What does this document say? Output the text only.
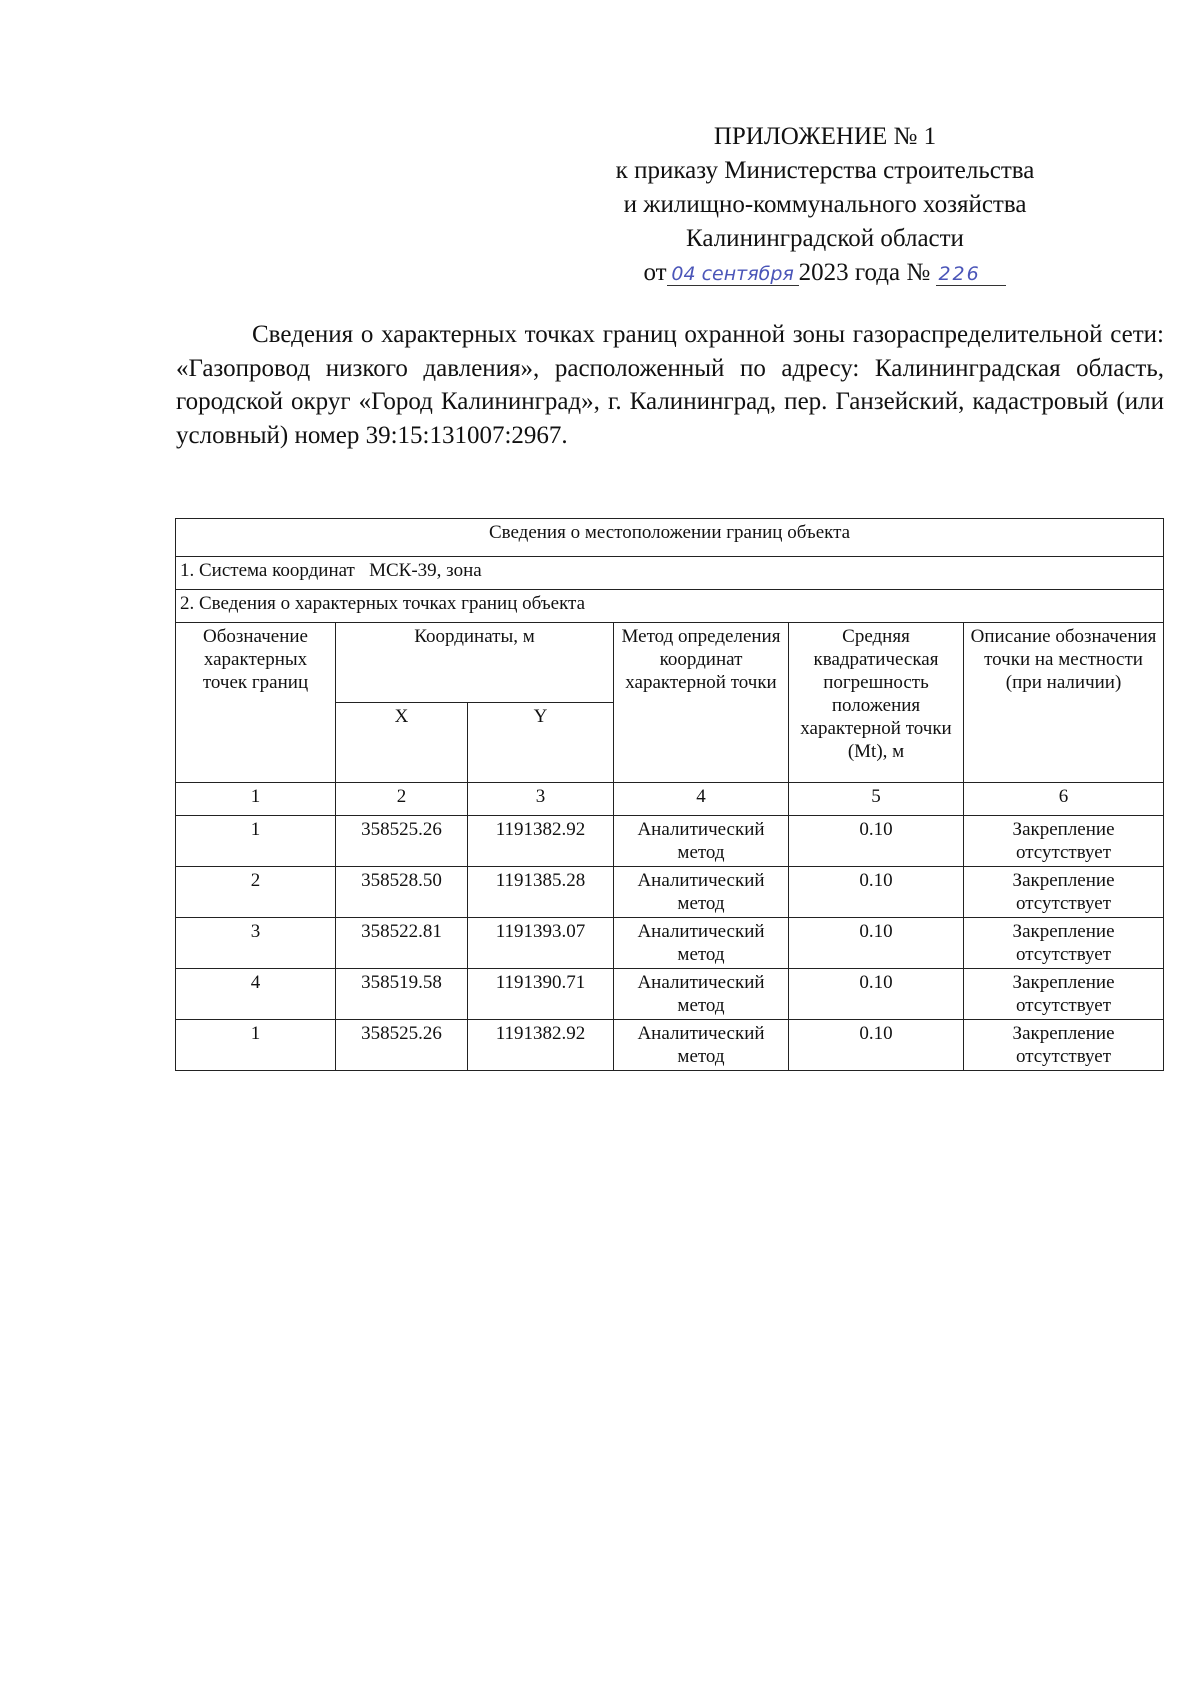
ПРИЛОЖЕНИЕ № 1
к приказу Министерства строительства
и жилищно-коммунального хозяйства
Калининградской области
от 04 сентября 2023 года № 226
Сведения о характерных точках границ охранной зоны газораспределительной сети: «Газопровод низкого давления», расположенный по адресу: Калининградская область, городской округ «Город Калининград», г. Калининград, пер. Ганзейский, кадастровый (или условный) номер 39:15:131007:2967.
Сведения о местоположении границ объекта					
1. Система координат МСК-39, зона					
2. Сведения о характерных точках границ объекта					
Обозначение характерных точек границ	Координаты, м		Метод определения координат характерной точки	Средняя квадратическая погрешность положения характерной точки (Mt), м	Описание обозначения точки на местности (при наличии)
	X	Y			
1	2	3	4	5	6
1	358525.26	1191382.92	Аналитический метод	0.10	Закрепление отсутствует
2	358528.50	1191385.28	Аналитический метод	0.10	Закрепление отсутствует
3	358522.81	1191393.07	Аналитический метод	0.10	Закрепление отсутствует
4	358519.58	1191390.71	Аналитический метод	0.10	Закрепление отсутствует
1	358525.26	1191382.92	Аналитический метод	0.10	Закрепление отсутствует
